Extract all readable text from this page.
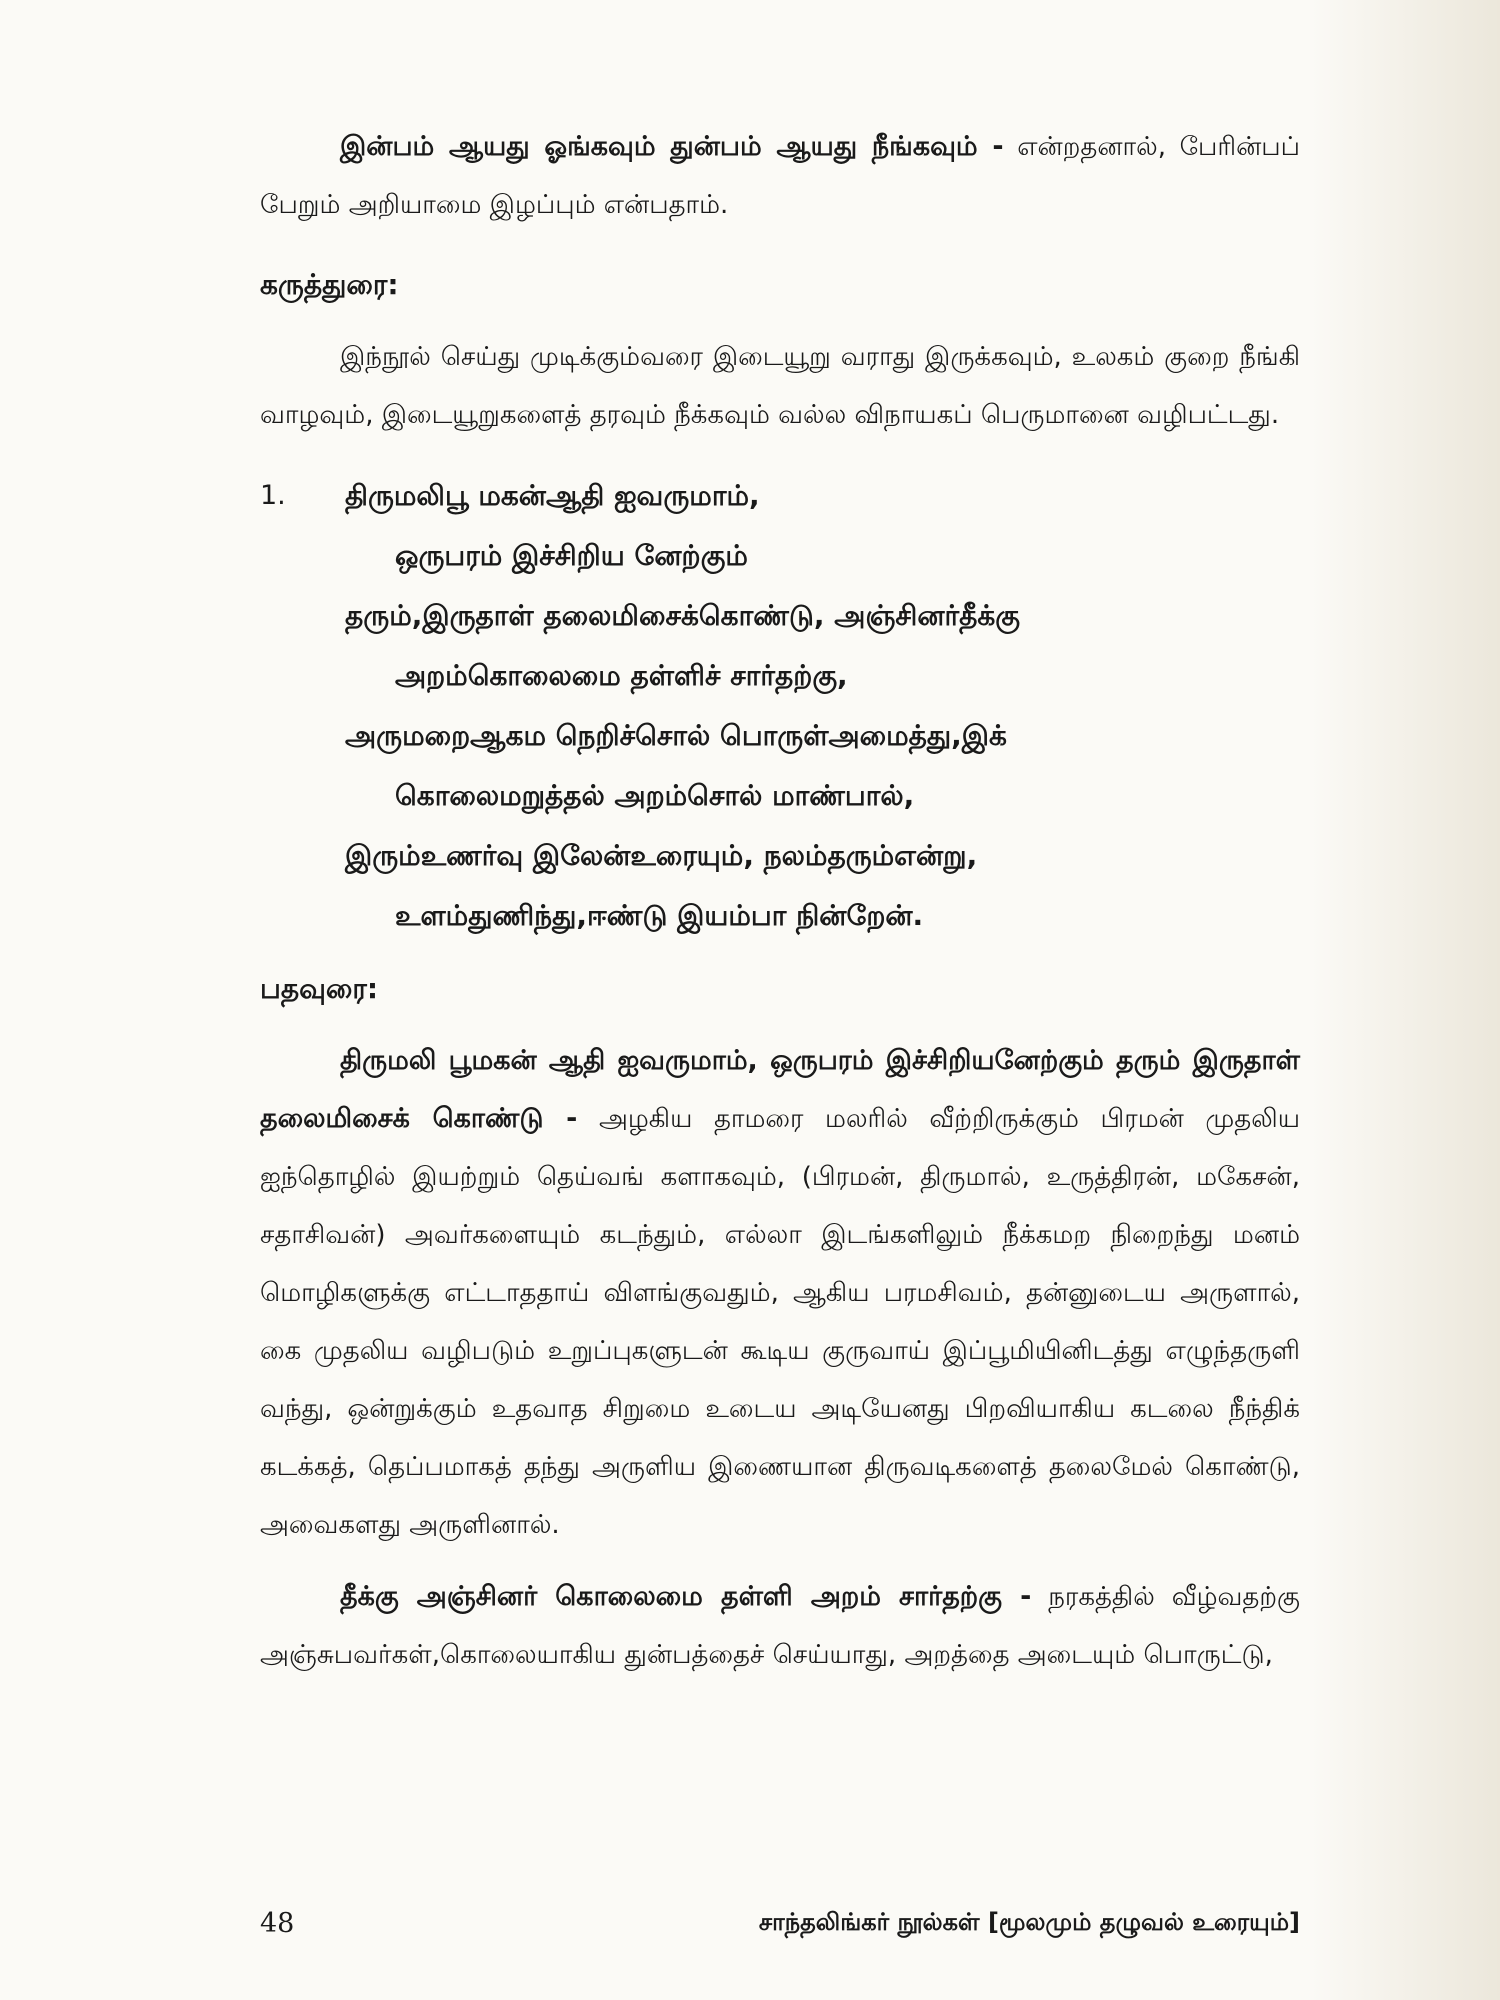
இன்பம் ஆயது ஓங்கவும் துன்பம் ஆயது நீங்கவும் - என்றதனால், பேரின்பப் பேறும் அறியாமை இழப்பும் என்பதாம்.

கருத்துரை:

இந்நூல் செய்து முடிக்கும்வரை இடையூறு வராது இருக்கவும், உலகம் குறை நீங்கி வாழவும், இடையூறுகளைத் தரவும் நீக்கவும் வல்ல விநாயகப் பெருமானை வழிபட்டது.

1.	திருமலிபூ மகன்ஆதி ஐவருமாம்,
ஒருபரம் இச்சிறிய னேற்கும்
தரும்,இருதாள் தலைமிசைக்கொண்டு, அஞ்சினர்தீக்கு
அறம்கொலைமை தள்ளிச் சார்தற்கு,
அருமறைஆகம நெறிச்சொல் பொருள்அமைத்து,இக்
கொலைமறுத்தல் அறம்சொல் மாண்பால்,
இரும்உணர்வு இலேன்உரையும், நலம்தரும்என்று,
உளம்துணிந்து,ஈண்டு இயம்பா நின்றேன்.
பதவுரை:

திருமலி பூமகன் ஆதி ஐவருமாம், ஒருபரம் இச்சிறியனேற்கும் தரும் இருதாள் தலைமிசைக் கொண்டு - அழகிய தாமரை மலரில் வீற்றிருக்கும் பிரமன் முதலிய ஐந்தொழில் இயற்றும் தெய்வங் களாகவும், (பிரமன், திருமால், உருத்திரன், மகேசன், சதாசிவன்) அவர்களையும் கடந்தும், எல்லா இடங்களிலும் நீக்கமற நிறைந்து மனம் மொழிகளுக்கு எட்டாததாய் விளங்குவதும், ஆகிய பரமசிவம், தன்னுடைய அருளால், கை முதலிய வழிபடும் உறுப்புகளுடன் கூடிய குருவாய் இப்பூமியினிடத்து எழுந்தருளி வந்து, ஒன்றுக்கும் உதவாத சிறுமை உடைய அடியேனது பிறவியாகிய கடலை நீந்திக் கடக்கத், தெப்பமாகத் தந்து அருளிய இணையான திருவடிகளைத் தலைமேல் கொண்டு, அவைகளது அருளினால்.

தீக்கு அஞ்சினர் கொலைமை தள்ளி அறம் சார்தற்கு - நரகத்தில் வீழ்வதற்கு அஞ்சுபவர்கள்,கொலையாகிய துன்பத்தைச் செய்யாது, அறத்தை அடையும் பொருட்டு,

48	சாந்தலிங்கர் நூல்கள் [மூலமும் தழுவல் உரையும்]
